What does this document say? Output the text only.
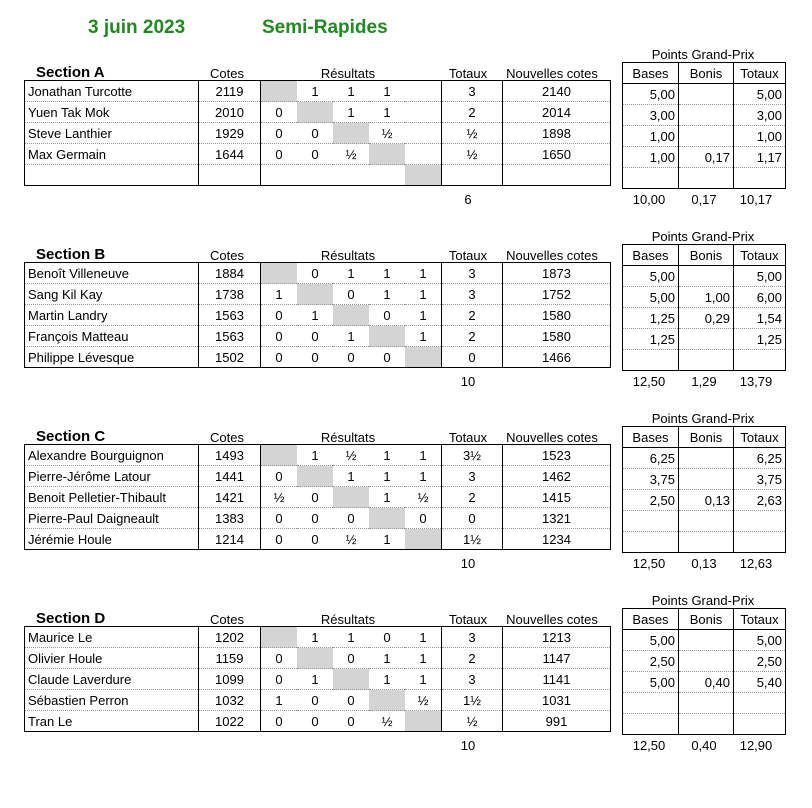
3 juin 2023	Semi-Rapides
Section A	Cotes	Résultats	Totaux	Nouvelles cotes
Jonathan Turcotte	2119		1	1	1		3	2140
Yuen Tak Mok	2010	0		1	1		2	2014
Steve Lanthier	1929	0	0		½		½	1898
Max Germain	1644	0	0	½			½	1650

6
Points Grand-Prix
Bases	Bonis	Totaux
5,00		5,00
3,00		3,00
1,00		1,00
1,00	0,17	1,17

10,00	0,17	10,17
Section B	Cotes	Résultats	Totaux	Nouvelles cotes
Benoît Villeneuve	1884		0	1	1	1	3	1873
Sang Kil Kay	1738	1		0	1	1	3	1752
Martin Landry	1563	0	1		0	1	2	1580
François Matteau	1563	0	0	1		1	2	1580
Philippe Lévesque	1502	0	0	0	0		0	1466
10
Points Grand-Prix
Bases	Bonis	Totaux
5,00		5,00
5,00	1,00	6,00
1,25	0,29	1,54
1,25		1,25

12,50	1,29	13,79
Section C	Cotes	Résultats	Totaux	Nouvelles cotes
Alexandre Bourguignon	1493		1	½	1	1	3½	1523
Pierre-Jérôme Latour	1441	0		1	1	1	3	1462
Benoit Pelletier-Thibault	1421	½	0		1	½	2	1415
Pierre-Paul Daigneault	1383	0	0	0		0	0	1321
Jérémie Houle	1214	0	0	½	1		1½	1234
10
Points Grand-Prix
Bases	Bonis	Totaux
6,25		6,25
3,75		3,75
2,50	0,13	2,63

12,50	0,13	12,63
Section D	Cotes	Résultats	Totaux	Nouvelles cotes
Maurice Le	1202		1	1	0	1	3	1213
Olivier Houle	1159	0		0	1	1	2	1147
Claude Laverdure	1099	0	1		1	1	3	1141
Sébastien Perron	1032	1	0	0		½	1½	1031
Tran Le	1022	0	0	0	½		½	991
10
Points Grand-Prix
Bases	Bonis	Totaux
5,00		5,00
2,50		2,50
5,00	0,40	5,40

12,50	0,40	12,90
